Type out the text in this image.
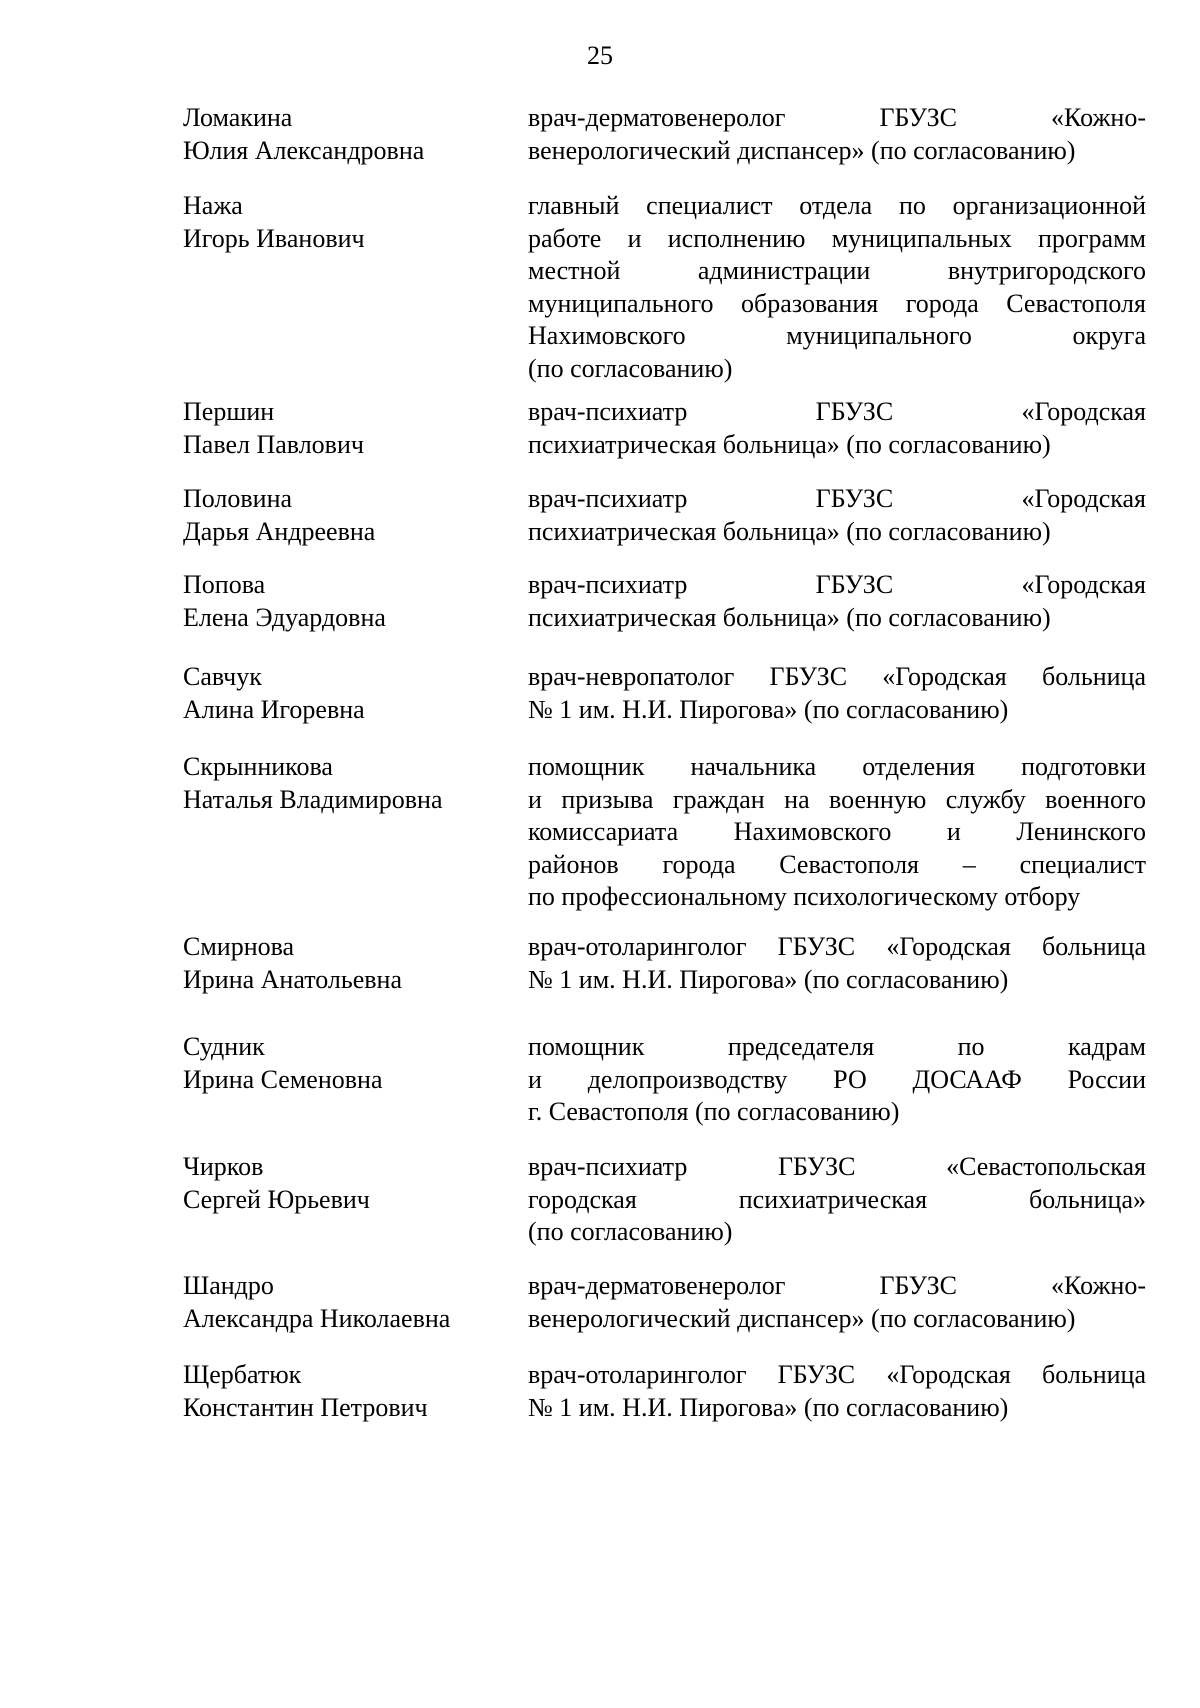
25
Ломакина
Юлия Александровна
врач-дерматовенеролог ГБУЗС «Кожно-
венерологический диспансер» (по согласованию)
Нажа
Игорь Иванович
главный специалист отдела по организационной
работе и исполнению муниципальных программ
местной администрации внутригородского
муниципального образования города Севастополя
Нахимовского муниципального округа
(по согласованию)
Першин
Павел Павлович
врач-психиатр ГБУЗС «Городская
психиатрическая больница» (по согласованию)
Половина
Дарья Андреевна
врач-психиатр ГБУЗС «Городская
психиатрическая больница» (по согласованию)
Попова
Елена Эдуардовна
врач-психиатр ГБУЗС «Городская
психиатрическая больница» (по согласованию)
Савчук
Алина Игоревна
врач-невропатолог ГБУЗС «Городская больница
№ 1 им. Н.И. Пирогова» (по согласованию)
Скрынникова
Наталья Владимировна
помощник начальника отделения подготовки
и призыва граждан на военную службу военного
комиссариата Нахимовского и Ленинского
районов города Севастополя – специалист
по профессиональному психологическому отбору
Смирнова
Ирина Анатольевна
врач-отоларинголог ГБУЗС «Городская больница
№ 1 им. Н.И. Пирогова» (по согласованию)
Судник
Ирина Семеновна
помощник председателя по кадрам
и делопроизводству РО ДОСААФ России
г. Севастополя (по согласованию)
Чирков
Сергей Юрьевич
врач-психиатр ГБУЗС «Севастопольская
городская психиатрическая больница»
(по согласованию)
Шандро
Александра Николаевна
врач-дерматовенеролог ГБУЗС «Кожно-
венерологический диспансер» (по согласованию)
Щербатюк
Константин Петрович
врач-отоларинголог ГБУЗС «Городская больница
№ 1 им. Н.И. Пирогова» (по согласованию)
